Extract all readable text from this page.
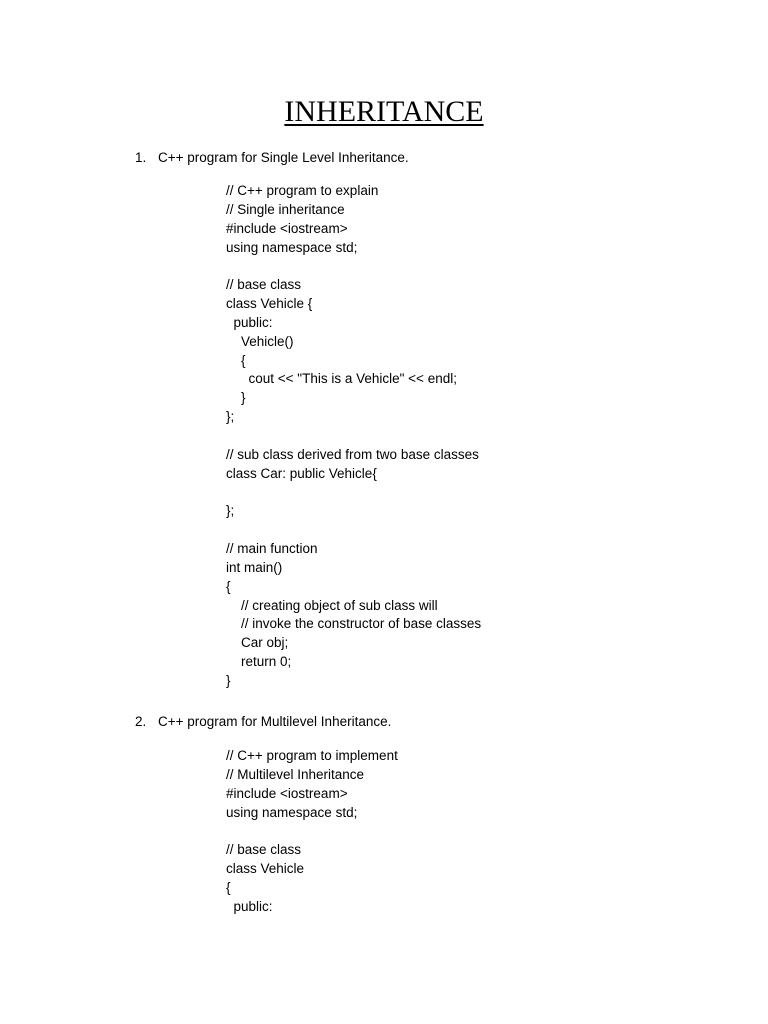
INHERITANCE
1. C++ program for Single Level Inheritance.
// C++ program to explain
// Single inheritance
#include <iostream>
using namespace std;
// base class
class Vehicle {
public:
Vehicle()
{
cout << "This is a Vehicle" << endl;
}
};
// sub class derived from two base classes
class Car: public Vehicle{
};
// main function
int main()
{
// creating object of sub class will
// invoke the constructor of base classes
Car obj;
return 0;
}
2. C++ program for Multilevel Inheritance.
// C++ program to implement
// Multilevel Inheritance
#include <iostream>
using namespace std;
// base class
class Vehicle
{
public:
